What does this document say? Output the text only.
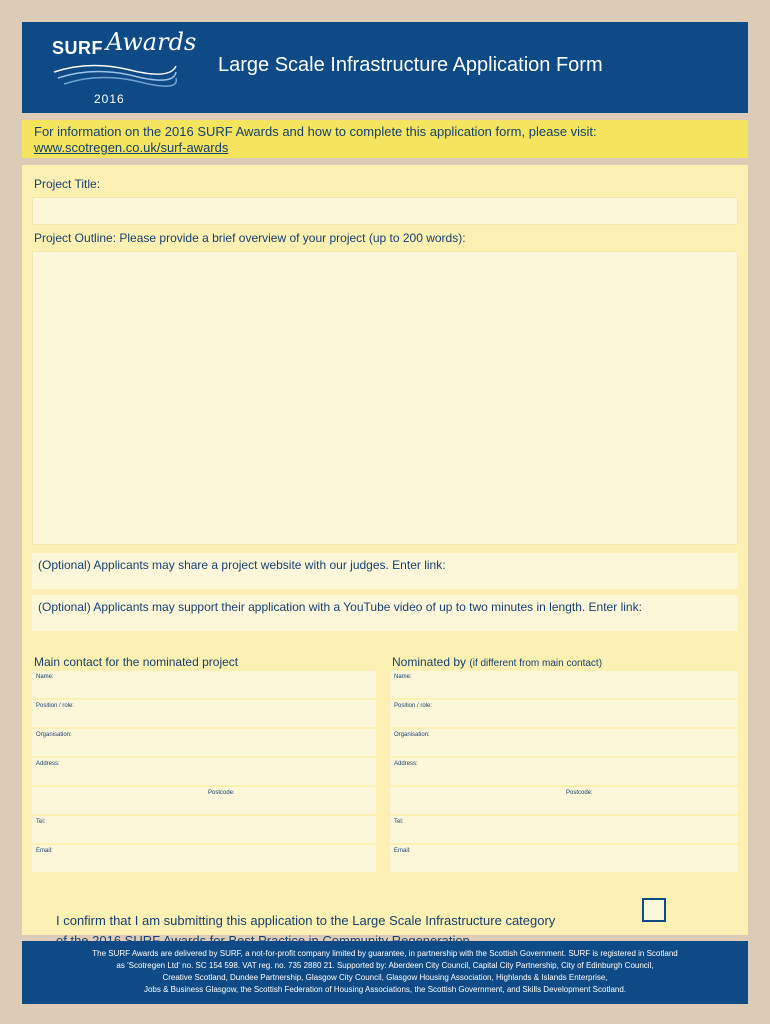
SURF Awards
2016
Large Scale Infrastructure Application Form
For information on the 2016 SURF Awards and how to complete this application form, please visit:
www.scotregen.co.uk/surf-awards
Project Title:
Project Outline: Please provide a brief overview of your project (up to 200 words):
(Optional) Applicants may share a project website with our judges. Enter link:
(Optional) Applicants may support their application with a YouTube video of up to two minutes in length. Enter link:
Main contact for the nominated project	Nominated by (if different from main contact)
Name:
Position / role:
Organisation:
Address:
Postcode:
Tel:
Email:
Name:
Position / role:
Organisation:
Address:
Postcode:
Tel:
Email:
I confirm that I am submitting this application to the Large Scale Infrastructure category
The SURF Awards are delivered by SURF, a not-for-profit company limited by guarantee, in partnership with the Scottish Government. SURF is registered in Scotland
as 'Scotregen Ltd' no. SC 154 598. VAT reg. no. 735 2880 21. Supported by: Aberdeen City Council, Capital City Partnership, City of Edinburgh Council,
Creative Scotland, Dundee Partnership, Glasgow City Council, Glasgow Housing Association, Highlands & Islands Enterprise,
Jobs & Business Glasgow, the Scottish Federation of Housing Associations, the Scottish Government, and Skills Development Scotland.
